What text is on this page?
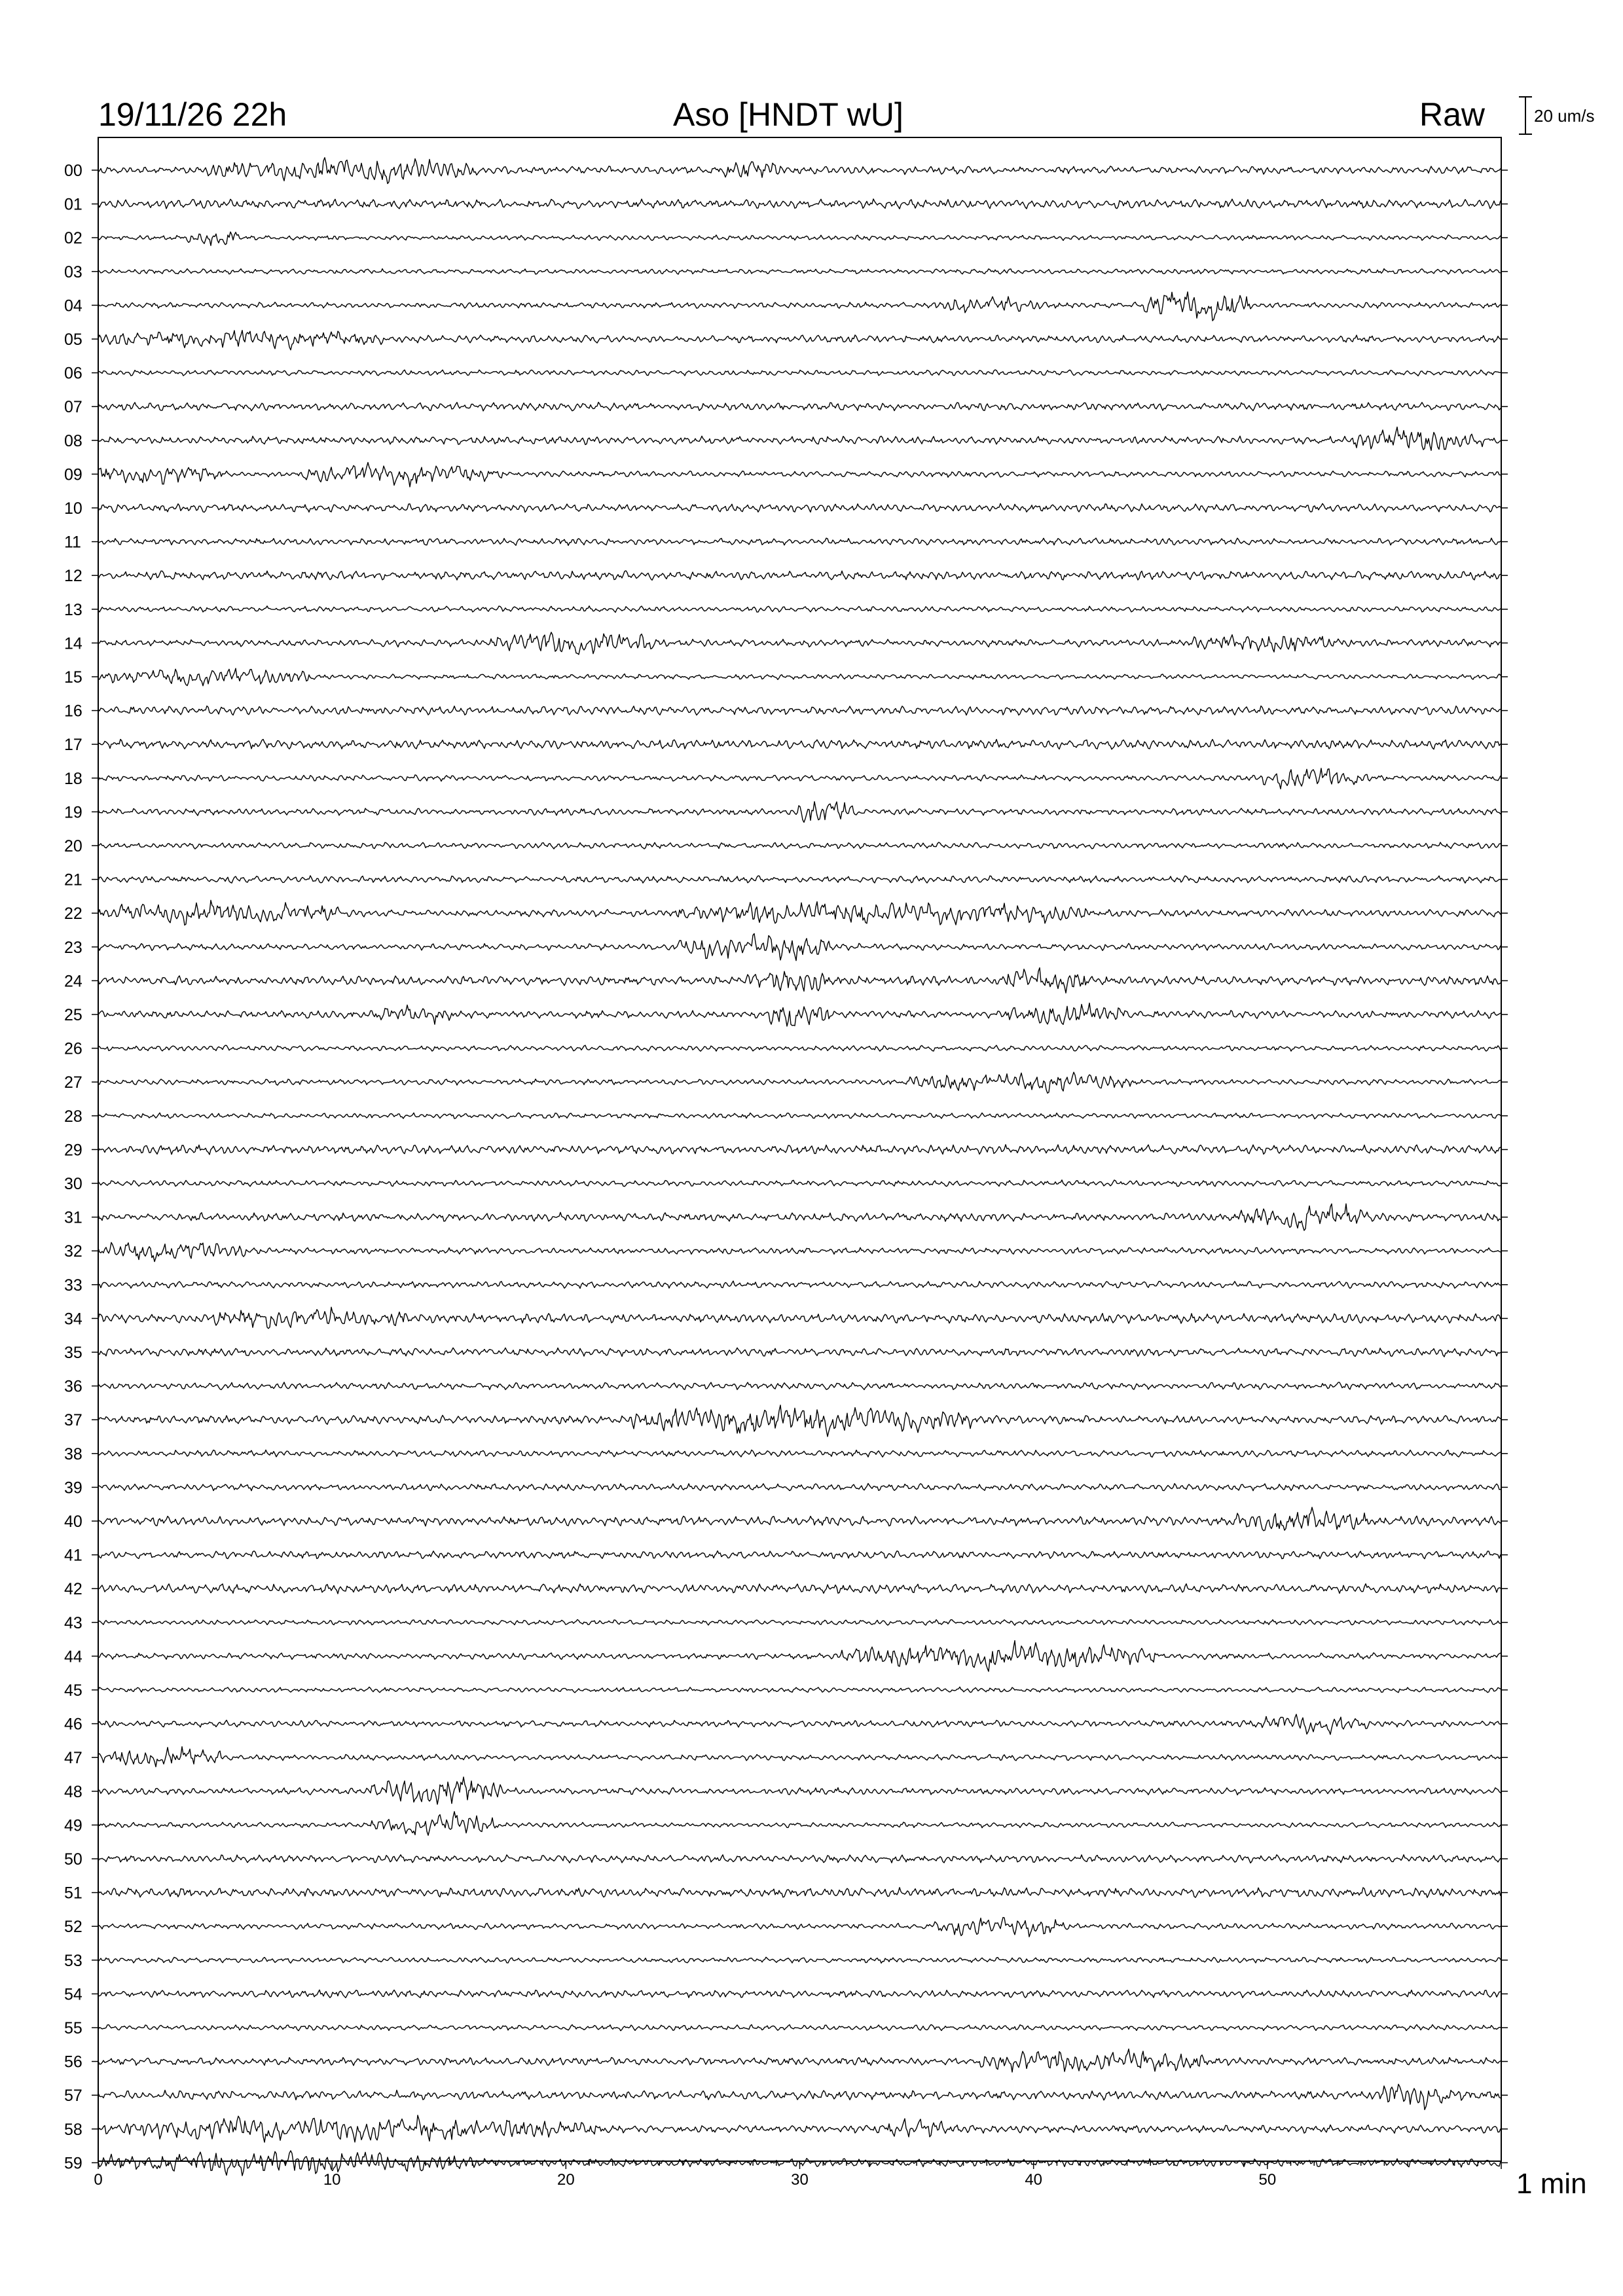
00
01
02
03
04
05
06
07
08
09
10
11
12
13
14
15
16
17
18
19
20
21
22
23
24
25
26
27
28
29
30
31
32
33
34
35
36
37
38
39
40
41
42
43
44
45
46
47
48
49
50
51
52
53
54
55
56
57
58
59
0	10	20	30	40	50
19/11/26 22h	Aso [HNDT wU]	Raw	20 um/s
1 min
